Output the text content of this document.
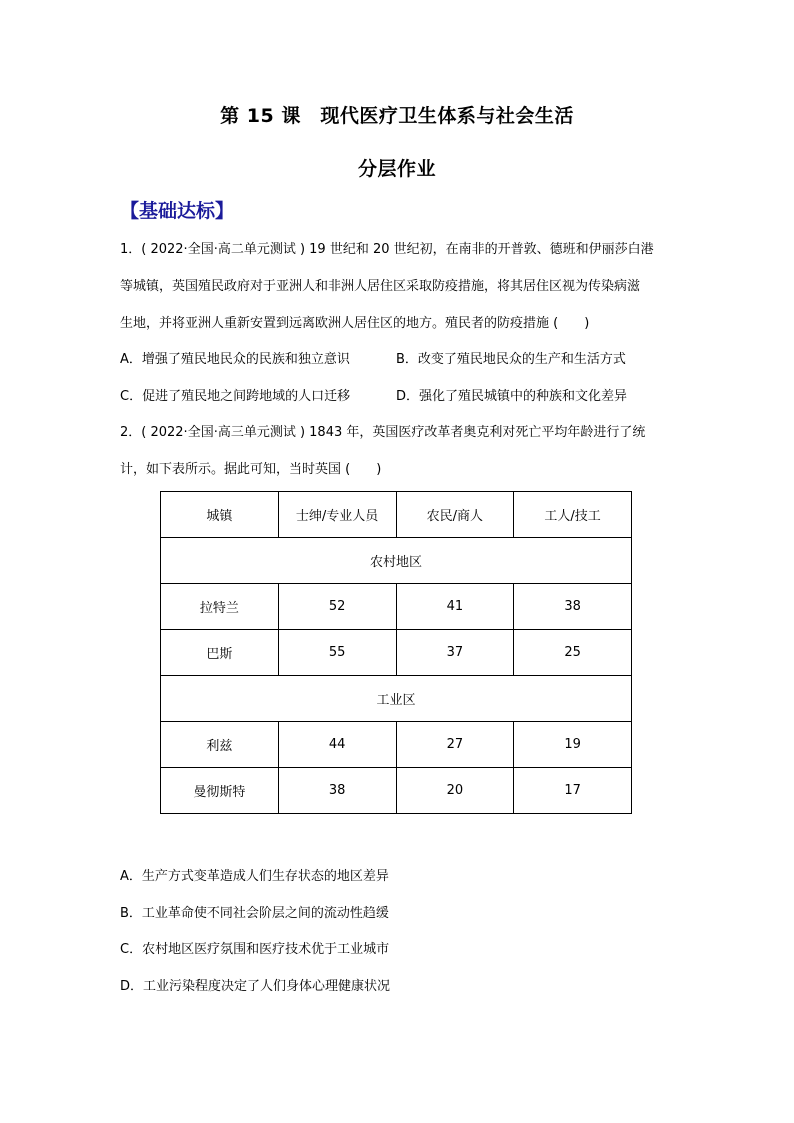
第 15 课　现代医疗卫生体系与社会生活
分层作业
【基础达标】
1．( 2022·全国·高二单元测试 ) 19 世纪和 20 世纪初，在南非的开普敦、德班和伊丽莎白港
等城镇，英国殖民政府对于亚洲人和非洲人居住区采取防疫措施，将其居住区视为传染病滋
生地，并将亚洲人重新安置到远离欧洲人居住区的地方。殖民者的防疫措施 (　　)
A．增强了殖民地民众的民族和独立意识	B．改变了殖民地民众的生产和生活方式
C．促进了殖民地之间跨地域的人口迁移	D．强化了殖民城镇中的种族和文化差异
2．( 2022·全国·高三单元测试 ) 1843 年，英国医疗改革者奥克利对死亡平均年龄进行了统
计，如下表所示。据此可知，当时英国 (　　)
城镇	士绅/专业人员	农民/商人	工人/技工
农村地区			
拉特兰	52	41	38
巴斯	55	37	25
工业区			
利兹	44	27	19
曼彻斯特	38	20	17
A．生产方式变革造成人们生存状态的地区差异
B．工业革命使不同社会阶层之间的流动性趋缓
C．农村地区医疗氛围和医疗技术优于工业城市
D．工业污染程度决定了人们身体心理健康状况
